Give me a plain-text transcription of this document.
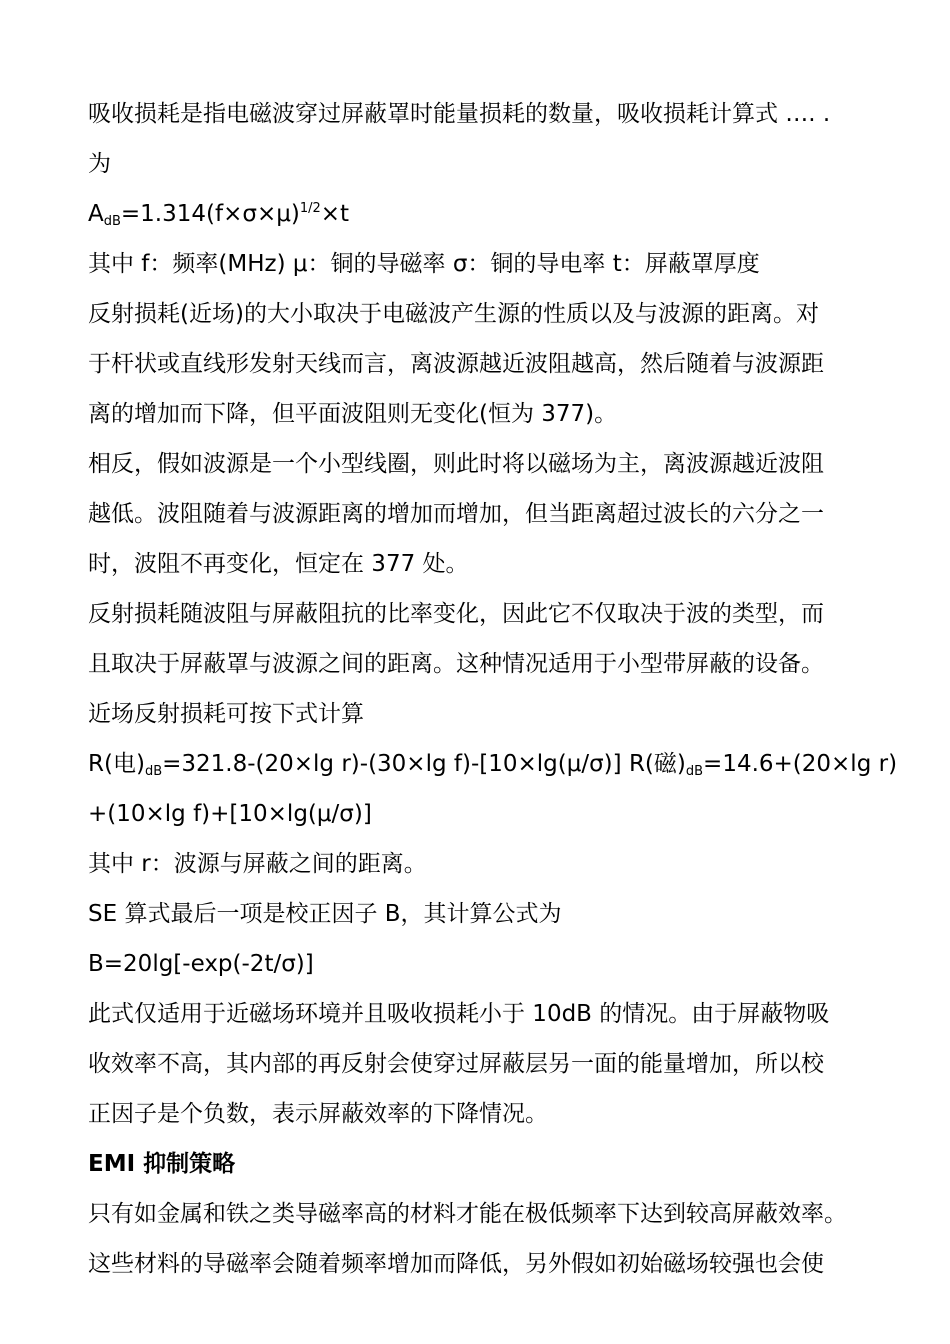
吸收损耗是指电磁波穿过屏蔽罩时能量损耗的数量，吸收损耗计算式 …. .
为
$A_{dB}=1.314(f\times\sigma\times\mu)^{1/2}\times t$
其中 f：频率(MHz) μ：铜的导磁率 σ：铜的导电率 t：屏蔽罩厚度
反射损耗(近场)的大小取决于电磁波产生源的性质以及与波源的距离。对
于杆状或直线形发射天线而言，离波源越近波阻越高，然后随着与波源距
离的增加而下降，但平面波阻则无变化(恒为 377)。
相反，假如波源是一个小型线圈，则此时将以磁场为主，离波源越近波阻
越低。波阻随着与波源距离的增加而增加，但当距离超过波长的六分之一
时，波阻不再变化，恒定在 377 处。
反射损耗随波阻与屏蔽阻抗的比率变化，因此它不仅取决于波的类型，而
且取决于屏蔽罩与波源之间的距离。这种情况适用于小型带屏蔽的设备。
近场反射损耗可按下式计算
R(电)$_{dB}=321.8-(20\times\lg$ r)-(30×lg f)-[10×lg(μ/σ)] R(磁)$_{dB}=14.6+(20\times\lg$ r)
+(10×lg f)+[10×lg(μ/σ)]
其中 r：波源与屏蔽之间的距离。
SE 算式最后一项是校正因子 B，其计算公式为
B=20lg[-exp(-2t/σ)]
此式仅适用于近磁场环境并且吸收损耗小于 10dB 的情况。由于屏蔽物吸
收效率不高，其内部的再反射会使穿过屏蔽层另一面的能量增加，所以校
正因子是个负数，表示屏蔽效率的下降情况。
EMI 抑制策略
只有如金属和铁之类导磁率高的材料才能在极低频率下达到较高屏蔽效率。
这些材料的导磁率会随着频率增加而降低，另外假如初始磁场较强也会使
